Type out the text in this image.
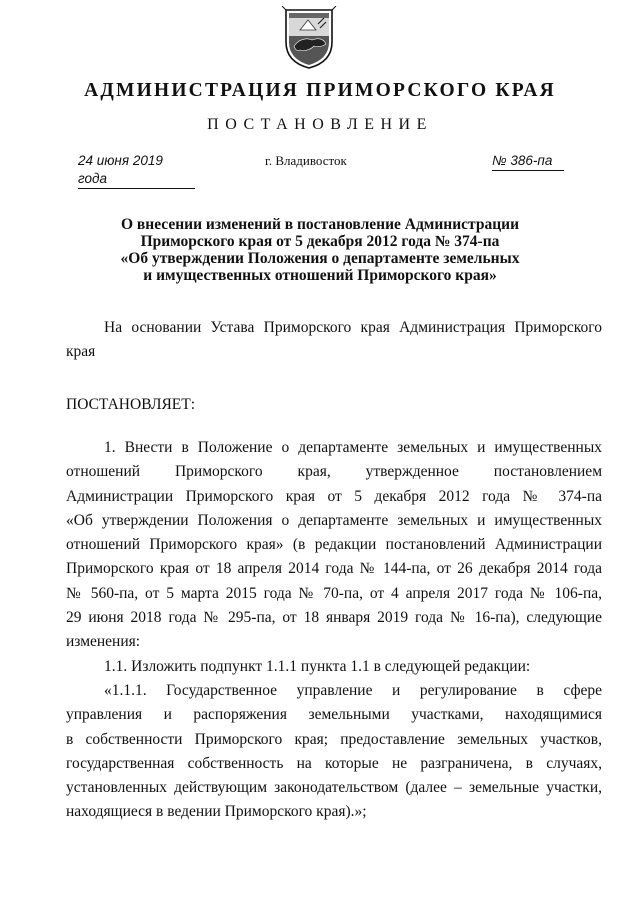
АДМИНИСТРАЦИЯ ПРИМОРСКОГО КРАЯ
ПОСТАНОВЛЕНИЕ
24 июня 2019 года
г. Владивосток	№ 386-па
О внесении изменений в постановление Администрации
Приморского края от 5 декабря 2012 года № 374-па
«Об утверждении Положения о департаменте земельных
и имущественных отношений Приморского края»
На основании Устава Приморского края Администрация Приморского
края
ПОСТАНОВЛЯЕТ:
1. Внести в Положение о департаменте земельных и имущественных
отношений Приморского края, утвержденное постановлением
Администрации Приморского края от 5 декабря 2012 года № 374-па
«Об утверждении Положения о департаменте земельных и имущественных
отношений Приморского края» (в редакции постановлений Администрации
Приморского края от 18 апреля 2014 года № 144-па, от 26 декабря 2014 года
№ 560-па, от 5 марта 2015 года № 70-па, от 4 апреля 2017 года № 106-па,
29 июня 2018 года № 295-па, от 18 января 2019 года № 16-па), следующие
изменения:
1.1. Изложить подпункт 1.1.1 пункта 1.1 в следующей редакции:
«1.1.1. Государственное управление и регулирование в сфере
управления и распоряжения земельными участками, находящимися
в собственности Приморского края; предоставление земельных участков,
государственная собственность на которые не разграничена, в случаях,
установленных действующим законодательством (далее – земельные участки,
находящиеся в ведении Приморского края).»;
